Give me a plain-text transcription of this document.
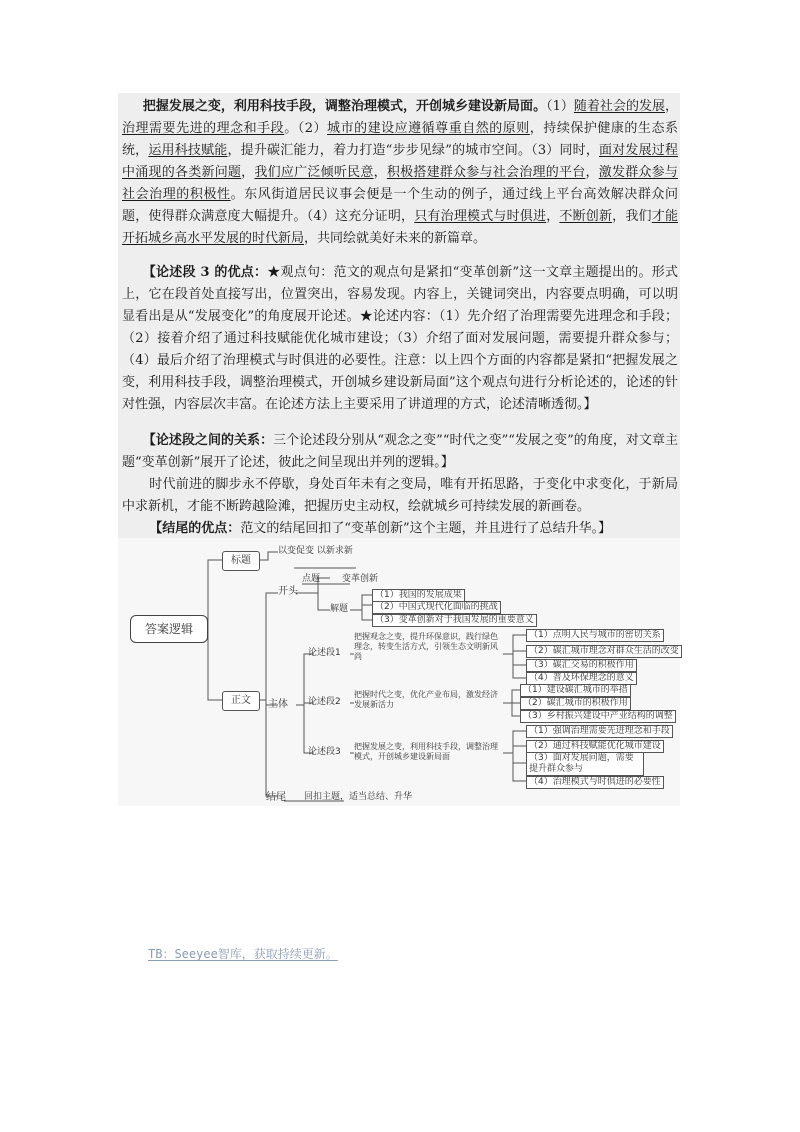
把握发展之变，利用科技手段，调整治理模式，开创城乡建设新局面。（1）随着社会的发展，治理需要先进的理念和手段。（2）城市的建设应遵循尊重自然的原则，持续保护健康的生态系统，运用科技赋能，提升碳汇能力，着力打造“步步见绿”的城市空间。（3）同时，面对发展过程中涌现的各类新问题，我们应广泛倾听民意，积极搭建群众参与社会治理的平台，激发群众参与社会治理的积极性。东风街道居民议事会便是一个生动的例子，通过线上平台高效解决群众问题，使得群众满意度大幅提升。（4）这充分证明，只有治理模式与时俱进，不断创新，我们才能开拓城乡高水平发展的时代新局，共同绘就美好未来的新篇章。

【论述段 3 的优点：★观点句：范文的观点句是紧扣“变革创新”这一文章主题提出的。形式上，它在段首处直接写出，位置突出，容易发现。内容上，关键词突出，内容要点明确，可以明显看出是从“发展变化”的角度展开论述。★论述内容：（1）先介绍了治理需要先进理念和手段；（2）接着介绍了通过科技赋能优化城市建设；（3）介绍了面对发展问题，需要提升群众参与；（4）最后介绍了治理模式与时俱进的必要性。注意：以上四个方面的内容都是紧扣“把握发展之变，利用科技手段，调整治理模式，开创城乡建设新局面”这个观点句进行分析论述的，论述的针对性强，内容层次丰富。在论述方法上主要采用了讲道理的方式，论述清晰透彻。】

【论述段之间的关系：三个论述段分别从“观念之变”“时代之变”“发展之变”的角度，对文章主题“变革创新”展开了论述，彼此之间呈现出并列的逻辑。】

时代前进的脚步永不停歇，身处百年未有之变局，唯有开拓思路，于变化中求变化，于新局中求新机，才能不断跨越险滩，把握历史主动权，绘就城乡可持续发展的新画卷。

【结尾的优点：范文的结尾回扣了“变革创新”这个主题，并且进行了总结升华。】

答案逻辑
标题
以变促变 以新求新
正文
开头
点题 变革创新
解题
（1）我国的发展成果
（2）中国式现代化面临的挑战
（3）变革创新对于我国发展的重要意义
主体
论述段1
把握观念之变，提升环保意识，践行绿色理念，转变生活方式，引领生态文明新风尚
（1）点明人民与城市的密切关系
（2）碳汇城市理念对群众生活的改变
（3）碳汇交易的积极作用
（4）普及环保理念的意义
论述段2
把握时代之变，优化产业布局，激发经济发展新活力
（1）建设碳汇城市的举措
（2）碳汇城市的积极作用
（3）乡村振兴建设中产业结构的调整
论述段3
把握发展之变，利用科技手段，调整治理模式，开创城乡建设新局面
（1）强调治理需要先进理念和手段
（2）通过科技赋能优化城市建设
（3）面对发展问题，需要提升群众参与
（4）治理模式与时俱进的必要性
结尾 回扣主题，适当总结、升华
TB：Seeyee智库，获取持续更新。
